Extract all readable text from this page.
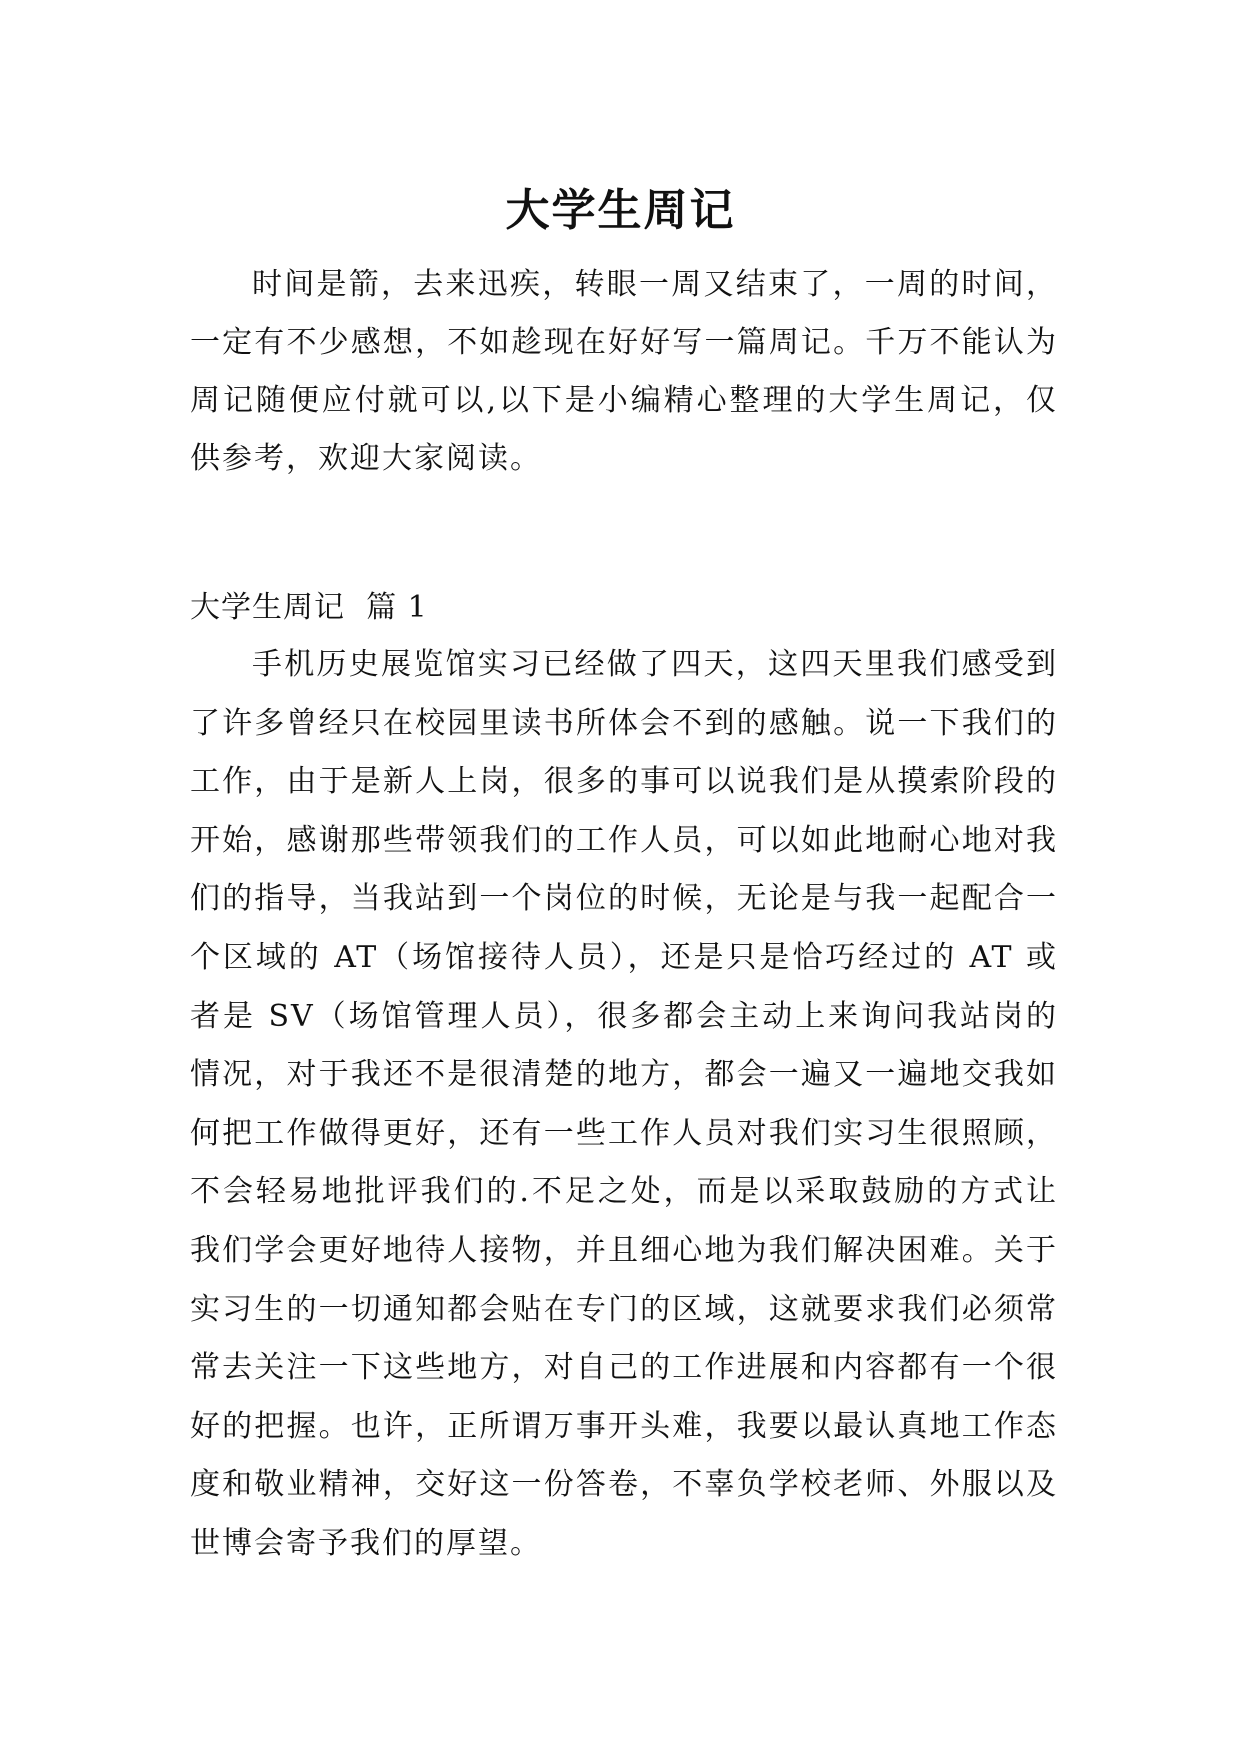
大学生周记

时间是箭，去来迅疾，转眼一周又结束了，一周的时间，一定有不少感想，不如趁现在好好写一篇周记。千万不能认为周记随便应付就可以,以下是小编精心整理的大学生周记，仅供参考，欢迎大家阅读。

大学生周记  篇 1

手机历史展览馆实习已经做了四天，这四天里我们感受到了许多曾经只在校园里读书所体会不到的感触。说一下我们的工作，由于是新人上岗，很多的事可以说我们是从摸索阶段的开始，感谢那些带领我们的工作人员，可以如此地耐心地对我们的指导，当我站到一个岗位的时候，无论是与我一起配合一个区域的 AT（场馆接待人员），还是只是恰巧经过的 AT 或者是 SV（场馆管理人员），很多都会主动上来询问我站岗的情况，对于我还不是很清楚的地方，都会一遍又一遍地交我如何把工作做得更好，还有一些工作人员对我们实习生很照顾，不会轻易地批评我们的.不足之处，而是以采取鼓励的方式让我们学会更好地待人接物，并且细心地为我们解决困难。关于实习生的一切通知都会贴在专门的区域，这就要求我们必须常常去关注一下这些地方，对自己的工作进展和内容都有一个很好的把握。也许，正所谓万事开头难，我要以最认真地工作态度和敬业精神，交好这一份答卷，不辜负学校老师、外服以及世博会寄予我们的厚望。
